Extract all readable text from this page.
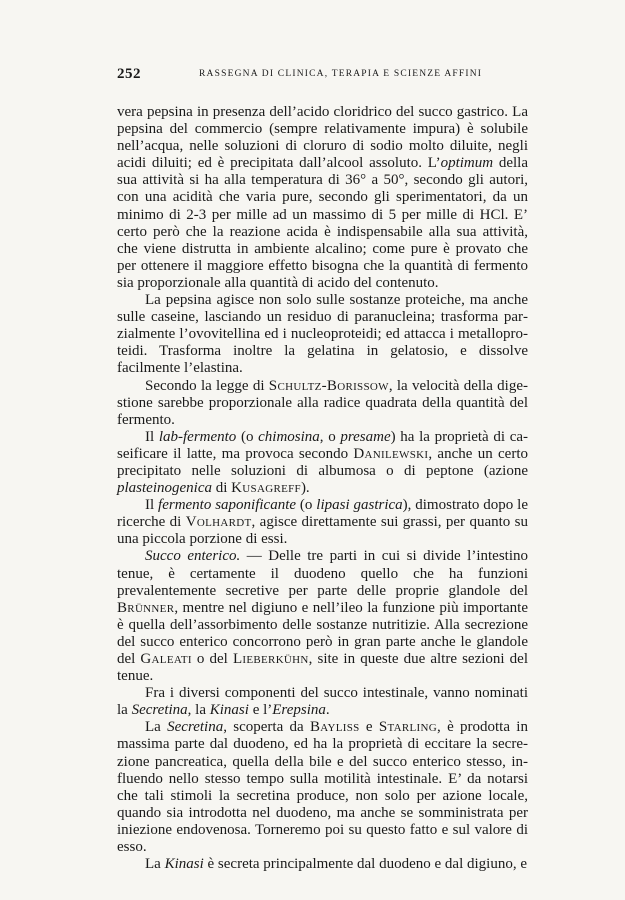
252	RASSEGNA DI CLINICA, TERAPIA E SCIENZE AFFINI

vera pepsina in presenza dell’acido cloridrico del succo gastrico. La pepsina del commercio (sempre relativamente impura) è solubile nell’acqua, nelle soluzioni di cloruro di sodio molto diluite, negli acidi diluiti; ed è precipitata dall’alcool assoluto. L’optimum della sua attività si ha alla temperatura di 36° a 50°, secondo gli autori, con una acidità che varia pure, secondo gli sperimentatori, da un minimo di 2-3 per mille ad un massimo di 5 per mille di HCl. E’ certo però che la reazione acida è indispensabile alla sua attività, che viene distrutta in ambiente alcalino; come pure è provato che per ottenere il maggiore effetto bisogna che la quantità di fermento sia proporzionale alla quantità di acido del contenuto.

La pepsina agisce non solo sulle sostanze proteiche, ma anche sulle caseine, lasciando un residuo di paranucleina; trasforma parzialmente l’ovovitellina ed i nucleoproteidi; ed attacca i metalloproteidi. Trasforma inoltre la gelatina in gelatosio, e dissolve facilmente l’elastina.

Secondo la legge di Schultz-Borissow, la velocità della digestione sarebbe proporzionale alla radice quadrata della quantità del fermento.

Il lab-fermento (o chimosina, o presame) ha la proprietà di caseificare il latte, ma provoca secondo Danilewski, anche un certo precipitato nelle soluzioni di albumosa o di peptone (azione plasteinogenica di Kusagreff).

Il fermento saponificante (o lipasi gastrica), dimostrato dopo le ricerche di Volhardt, agisce direttamente sui grassi, per quanto su una piccola porzione di essi.

Succo enterico. — Delle tre parti in cui si divide l’intestino tenue, è certamente il duodeno quello che ha funzioni prevalentemente secretive per parte delle proprie glandole del Brünner, mentre nel digiuno e nell’ileo la funzione più importante è quella dell’assorbimento delle sostanze nutritizie. Alla secrezione del succo enterico concorrono però in gran parte anche le glandole del Galeati o del Lieberkühn, site in queste due altre sezioni del tenue.

Fra i diversi componenti del succo intestinale, vanno nominati la Secretina, la Kinasi e l’Erepsina.

La Secretina, scoperta da Bayliss e Starling, è prodotta in massima parte dal duodeno, ed ha la proprietà di eccitare la secrezione pancreatica, quella della bile e del succo enterico stesso, influendo nello stesso tempo sulla motilità intestinale. E’ da notarsi che tali stimoli la secretina produce, non solo per azione locale, quando sia introdotta nel duodeno, ma anche se somministrata per iniezione endovenosa. Torneremo poi su questo fatto e sul valore di esso.

La Kinasi è secreta principalmente dal duodeno e dal digiuno, e
